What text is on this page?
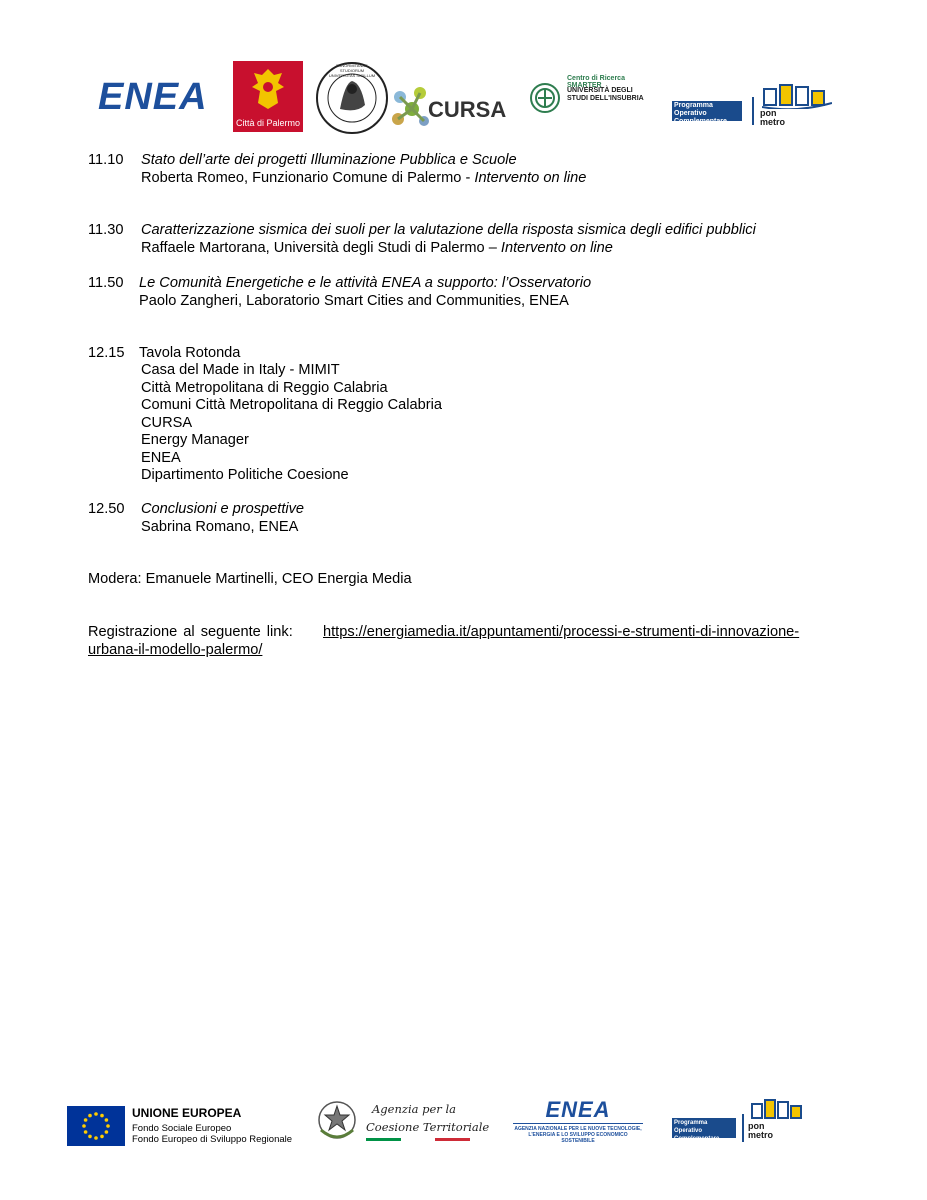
ENEA
Città di Palermo
PANORMITANAE STUDIORUM UNIVERSITAS SIGILLUM
CURSA
Centro di Ricerca SMARTER
UNIVERSITÀ DEGLI STUDI DELL'INSUBRIA
Programma Operativo
Complementare
pon
metro
11.10 Stato dell’arte dei progetti Illuminazione Pubblica e Scuole
Roberta Romeo, Funzionario Comune di Palermo - Intervento on line
11.30 Caratterizzazione sismica dei suoli per la valutazione della risposta sismica degli edifici pubblici
Raffaele Martorana, Università degli Studi di Palermo – Intervento on line
11.50 Le Comunità Energetiche e le attività ENEA a supporto: l’Osservatorio
Paolo Zangheri, Laboratorio Smart Cities and Communities, ENEA
12.15 Tavola Rotonda
Casa del Made in Italy - MIMIT
Città Metropolitana di Reggio Calabria
Comuni Città Metropolitana di Reggio Calabria
CURSA
Energy Manager
ENEA
Dipartimento Politiche Coesione
12.50 Conclusioni e prospettive
Sabrina Romano, ENEA
Modera: Emanuele Martinelli, CEO Energia Media
Registrazione al seguente link: https://energiamedia.it/appuntamenti/processi-e-strumenti-di-innovazione-
urbana-il-modello-palermo/
UNIONE EUROPEA
Fondo Sociale Europeo
Fondo Europeo di Sviluppo Regionale
Agenzia per la
Coesione Territoriale
ENEA
AGENZIA NAZIONALE PER LE NUOVE TECNOLOGIE,
L'ENERGIA E LO SVILUPPO ECONOMICO SOSTENIBILE
Programma Operativo
Complementare
pon
metro
